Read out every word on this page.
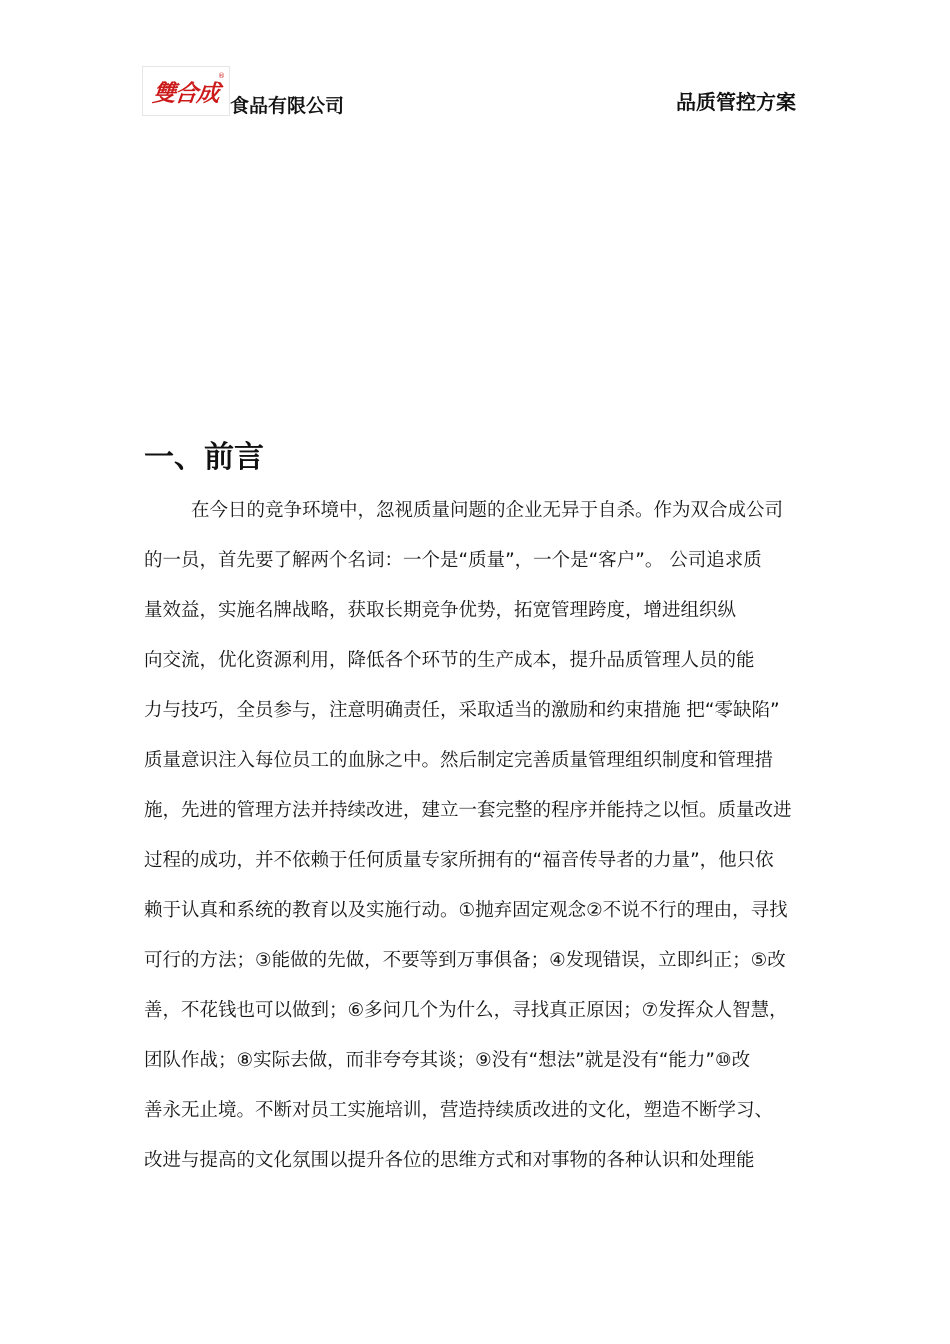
雙合成
®
食品有限公司	品质管控方案
一、前言
在今日的竞争环境中，忽视质量问题的企业无异于自杀。作为双合成公司
的一员，首先要了解两个名词：一个是“质量”，一个是“客户”。 公司追求质
量效益，实施名牌战略，获取长期竞争优势，拓宽管理跨度，增进组织纵
向交流，优化资源利用，降低各个环节的生产成本，提升品质管理人员的能
力与技巧，全员参与，注意明确责任，采取适当的激励和约束措施 把“零缺陷”
质量意识注入每位员工的血脉之中。然后制定完善质量管理组织制度和管理措
施，先进的管理方法并持续改进，建立一套完整的程序并能持之以恒。质量改进
过程的成功，并不依赖于任何质量专家所拥有的“福音传导者的力量”，他只依
赖于认真和系统的教育以及实施行动。①抛弃固定观念②不说不行的理由，寻找
可行的方法；③能做的先做，不要等到万事俱备；④发现错误，立即纠正；⑤改
善，不花钱也可以做到；⑥多问几个为什么，寻找真正原因；⑦发挥众人智慧，
团队作战；⑧实际去做，而非夸夸其谈；⑨没有“想法”就是没有“能力”⑩改
善永无止境。不断对员工实施培训，营造持续质改进的文化，塑造不断学习、
改进与提高的文化氛围以提升各位的思维方式和对事物的各种认识和处理能
